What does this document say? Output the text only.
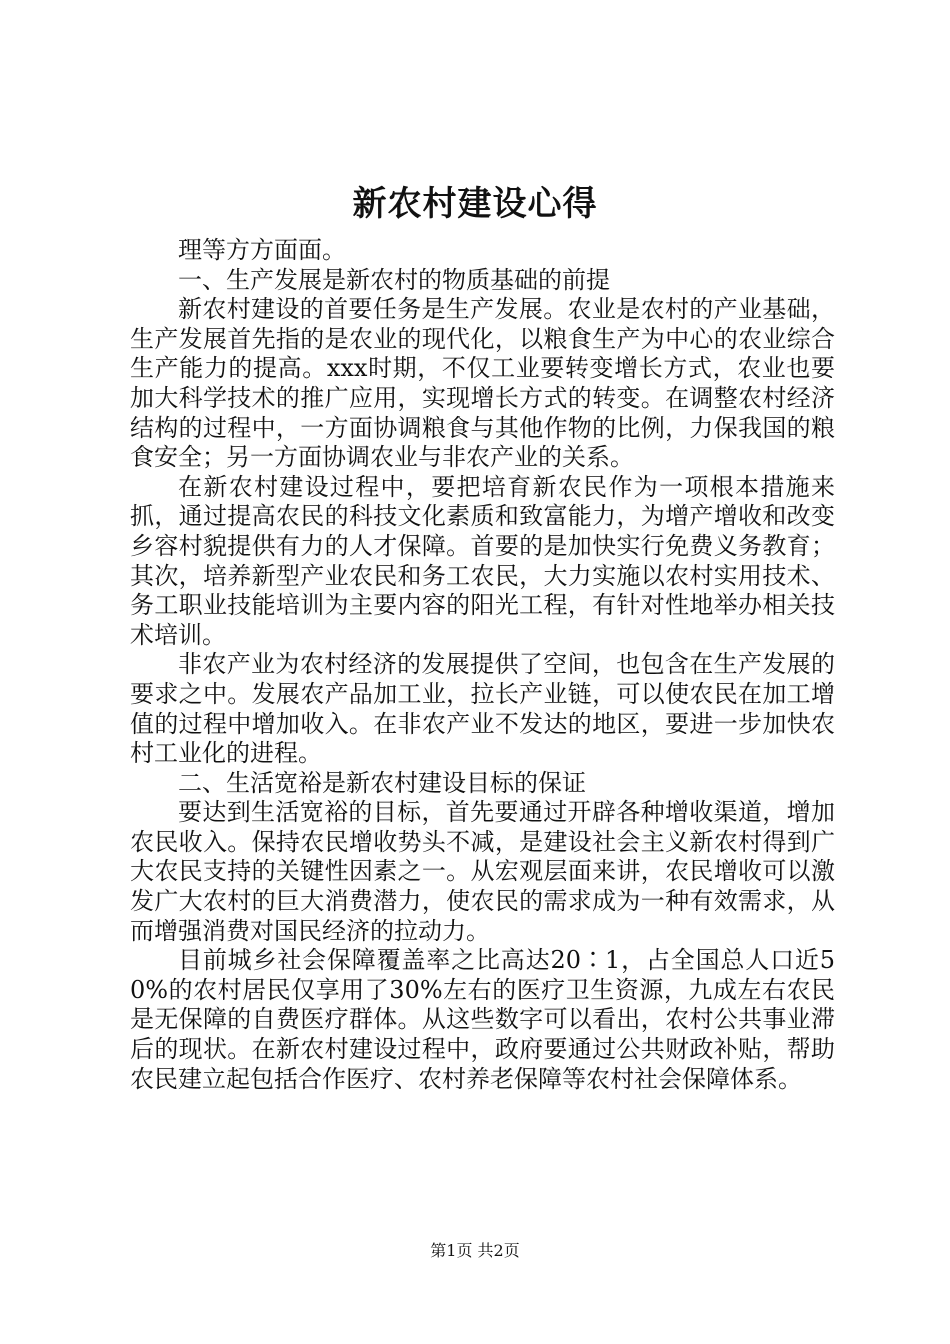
新农村建设心得

理等方方面面。

一、生产发展是新农村的物质基础的前提

新农村建设的首要任务是生产发展。农业是农村的产业基础，生产发展首先指的是农业的现代化，以粮食生产为中心的农业综合生产能力的提高。xxx时期，不仅工业要转变增长方式，农业也要加大科学技术的推广应用，实现增长方式的转变。在调整农村经济结构的过程中，一方面协调粮食与其他作物的比例，力保我国的粮食安全；另一方面协调农业与非农产业的关系。

在新农村建设过程中，要把培育新农民作为一项根本措施来抓，通过提高农民的科技文化素质和致富能力，为增产增收和改变乡容村貌提供有力的人才保障。首要的是加快实行免费义务教育；其次，培养新型产业农民和务工农民，大力实施以农村实用技术、务工职业技能培训为主要内容的阳光工程，有针对性地举办相关技术培训。

非农产业为农村经济的发展提供了空间，也包含在生产发展的要求之中。发展农产品加工业，拉长产业链，可以使农民在加工增值的过程中增加收入。在非农产业不发达的地区，要进一步加快农村工业化的进程。

二、生活宽裕是新农村建设目标的保证

要达到生活宽裕的目标，首先要通过开辟各种增收渠道，增加农民收入。保持农民增收势头不减，是建设社会主义新农村得到广大农民支持的关键性因素之一。从宏观层面来讲，农民增收可以激发广大农村的巨大消费潜力，使农民的需求成为一种有效需求，从而增强消费对国民经济的拉动力。

目前城乡社会保障覆盖率之比高达20∶1，占全国总人口近50%的农村居民仅享用了30%左右的医疗卫生资源，九成左右农民是无保障的自费医疗群体。从这些数字可以看出，农村公共事业滞后的现状。在新农村建设过程中，政府要通过公共财政补贴，帮助农民建立起包括合作医疗、农村养老保障等农村社会保障体系。

第1页 共2页
